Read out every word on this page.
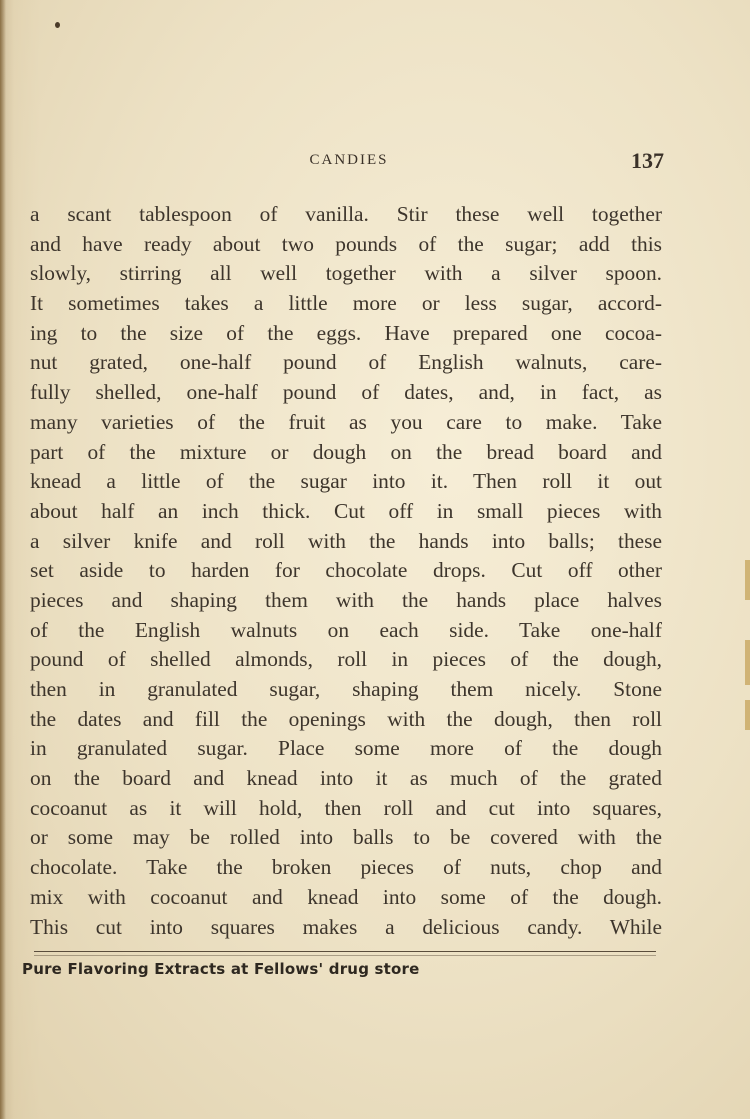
CANDIES	137
a scant tablespoon of vanilla. Stir these well together
and have ready about two pounds of the sugar; add this
slowly, stirring all well together with a silver spoon.
It sometimes takes a little more or less sugar, accord-
ing to the size of the eggs. Have prepared one cocoa-
nut grated, one-half pound of English walnuts, care-
fully shelled, one-half pound of dates, and, in fact, as
many varieties of the fruit as you care to make. Take
part of the mixture or dough on the bread board and
knead a little of the sugar into it. Then roll it out
about half an inch thick. Cut off in small pieces with
a silver knife and roll with the hands into balls; these
set aside to harden for chocolate drops. Cut off other
pieces and shaping them with the hands place halves
of the English walnuts on each side. Take one-half
pound of shelled almonds, roll in pieces of the dough,
then in granulated sugar, shaping them nicely. Stone
the dates and fill the openings with the dough, then roll
in granulated sugar. Place some more of the dough
on the board and knead into it as much of the grated
cocoanut as it will hold, then roll and cut into squares,
or some may be rolled into balls to be covered with the
chocolate. Take the broken pieces of nuts, chop and
mix with cocoanut and knead into some of the dough.
This cut into squares makes a delicious candy. While
Pure Flavoring Extracts at Fellows' drug store
